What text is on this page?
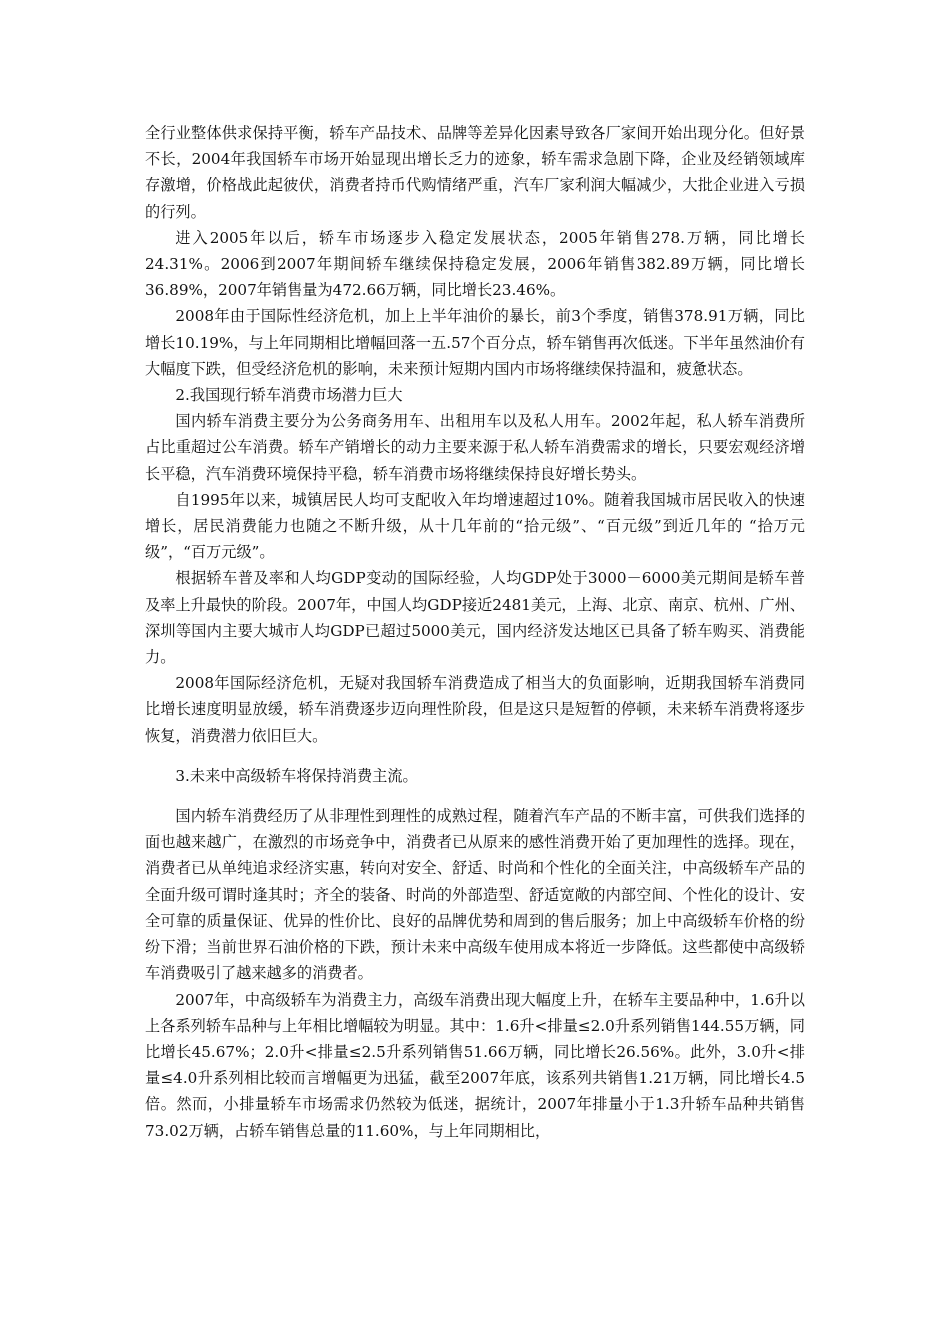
全行业整体供求保持平衡，轿车产品技术、品牌等差异化因素导致各厂家间开始出现分化。但好景不长，2004年我国轿车市场开始显现出增长乏力的迹象，轿车需求急剧下降，企业及经销领域库存激增，价格战此起彼伏，消费者持币代购情绪严重，汽车厂家利润大幅减少，大批企业进入亏损的行列。

进入2005年以后，轿车市场逐步入稳定发展状态，2005年销售278.万辆，同比增长24.31%。2006到2007年期间轿车继续保持稳定发展，2006年销售382.89万辆，同比增长36.89%，2007年销售量为472.66万辆，同比增长23.46%。

2008年由于国际性经济危机，加上上半年油价的暴长，前3个季度，销售378.91万辆，同比增长10.19%，与上年同期相比增幅回落一五.57个百分点，轿车销售再次低迷。下半年虽然油价有大幅度下跌，但受经济危机的影响，未来预计短期内国内市场将继续保持温和，疲惫状态。

2.我国现行轿车消费市场潜力巨大

国内轿车消费主要分为公务商务用车、出租用车以及私人用车。2002年起，私人轿车消费所占比重超过公车消费。轿车产销增长的动力主要来源于私人轿车消费需求的增长，只要宏观经济增长平稳，汽车消费环境保持平稳，轿车消费市场将继续保持良好增长势头。

自1995年以来，城镇居民人均可支配收入年均增速超过10%。随着我国城市居民收入的快速增长，居民消费能力也随之不断升级，从十几年前的“拾元级”、“百元级”到近几年的 “拾万元级”，“百万元级”。

根据轿车普及率和人均GDP变动的国际经验，人均GDP处于3000－6000美元期间是轿车普及率上升最快的阶段。2007年，中国人均GDP接近2481美元，上海、北京、南京、杭州、广州、深圳等国内主要大城市人均GDP已超过5000美元，国内经济发达地区已具备了轿车购买、消费能力。

2008年国际经济危机，无疑对我国轿车消费造成了相当大的负面影响，近期我国轿车消费同比增长速度明显放缓，轿车消费逐步迈向理性阶段，但是这只是短暂的停顿，未来轿车消费将逐步恢复，消费潜力依旧巨大。

3.未来中高级轿车将保持消费主流。

国内轿车消费经历了从非理性到理性的成熟过程，随着汽车产品的不断丰富，可供我们选择的面也越来越广，在激烈的市场竞争中，消费者已从原来的感性消费开始了更加理性的选择。现在，消费者已从单纯追求经济实惠，转向对安全、舒适、时尚和个性化的全面关注，中高级轿车产品的全面升级可谓时逢其时；齐全的装备、时尚的外部造型、舒适宽敞的内部空间、个性化的设计、安全可靠的质量保证、优异的性价比、良好的品牌优势和周到的售后服务；加上中高级轿车价格的纷纷下滑；当前世界石油价格的下跌，预计未来中高级车使用成本将近一步降低。这些都使中高级轿车消费吸引了越来越多的消费者。

2007年，中高级轿车为消费主力，高级车消费出现大幅度上升，在轿车主要品种中，1.6升以上各系列轿车品种与上年相比增幅较为明显。其中：1.6升<排量≤2.0升系列销售144.55万辆，同比增长45.67%；2.0升<排量≤2.5升系列销售51.66万辆，同比增长26.56%。此外，3.0升<排量≤4.0升系列相比较而言增幅更为迅猛，截至2007年底，该系列共销售1.21万辆，同比增长4.5倍。然而，小排量轿车市场需求仍然较为低迷，据统计，2007年排量小于1.3升轿车品种共销售73.02万辆，占轿车销售总量的11.60%，与上年同期相比，
